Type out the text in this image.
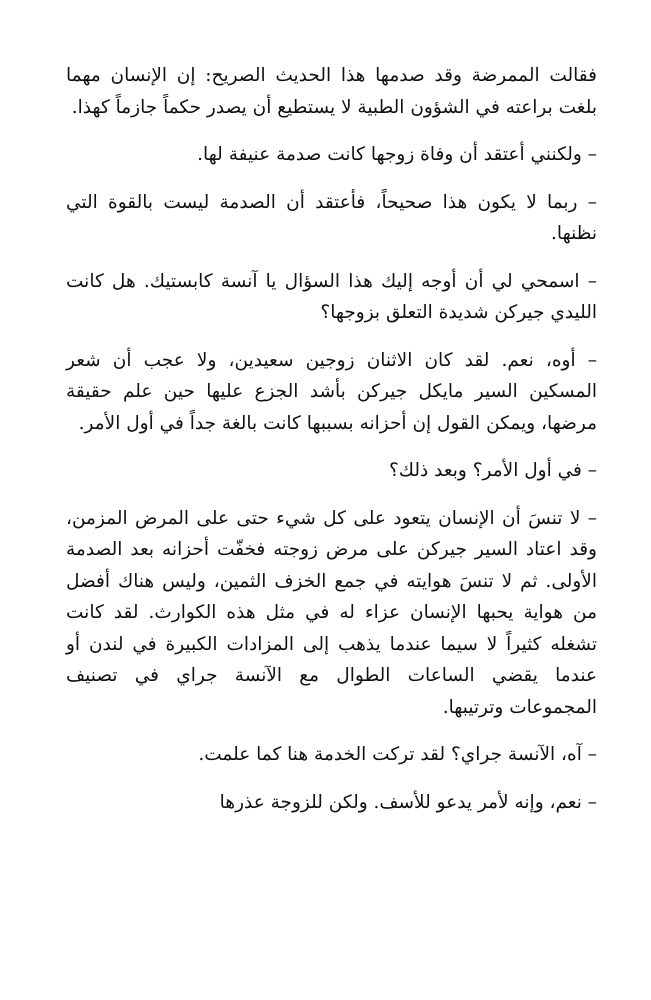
فقالت الممرضة وقد صدمها هذا الحديث الصريح: إن الإنسان مهما بلغت براعته في الشؤون الطبية لا يستطيع أن يصدر حكماً جازماً كهذا.

– ولكنني أعتقد أن وفاة زوجها كانت صدمة عنيفة لها.

– ربما لا يكون هذا صحيحاً، فأعتقد أن الصدمة ليست بالقوة التي نظنها.

– اسمحي لي أن أوجه إليك هذا السؤال يا آنسة كابستيك. هل كانت الليدي جيركن شديدة التعلق بزوجها؟

– أوه، نعم. لقد كان الاثنان زوجين سعيدين، ولا عجب أن شعر المسكين السير مايكل جيركن بأشد الجزع عليها حين علم حقيقة مرضها، ويمكن القول إن أحزانه بسببها كانت بالغة جداً في أول الأمر.

– في أول الأمر؟ وبعد ذلك؟

– لا تنسَ أن الإنسان يتعود على كل شيء حتى على المرض المزمن، وقد اعتاد السير جيركن على مرض زوجته فخفّت أحزانه بعد الصدمة الأولى. ثم لا تنسَ هوايته في جمع الخزف الثمين، وليس هناك أفضل من هواية يحبها الإنسان عزاء له في مثل هذه الكوارث. لقد كانت تشغله كثيراً لا سيما عندما يذهب إلى المزادات الكبيرة في لندن أو عندما يقضي الساعات الطوال مع الآنسة جراي في تصنيف المجموعات وترتيبها.

– آه، الآنسة جراي؟ لقد تركت الخدمة هنا كما علمت.

– نعم، وإنه لأمر يدعو للأسف. ولكن للزوجة عذرها
